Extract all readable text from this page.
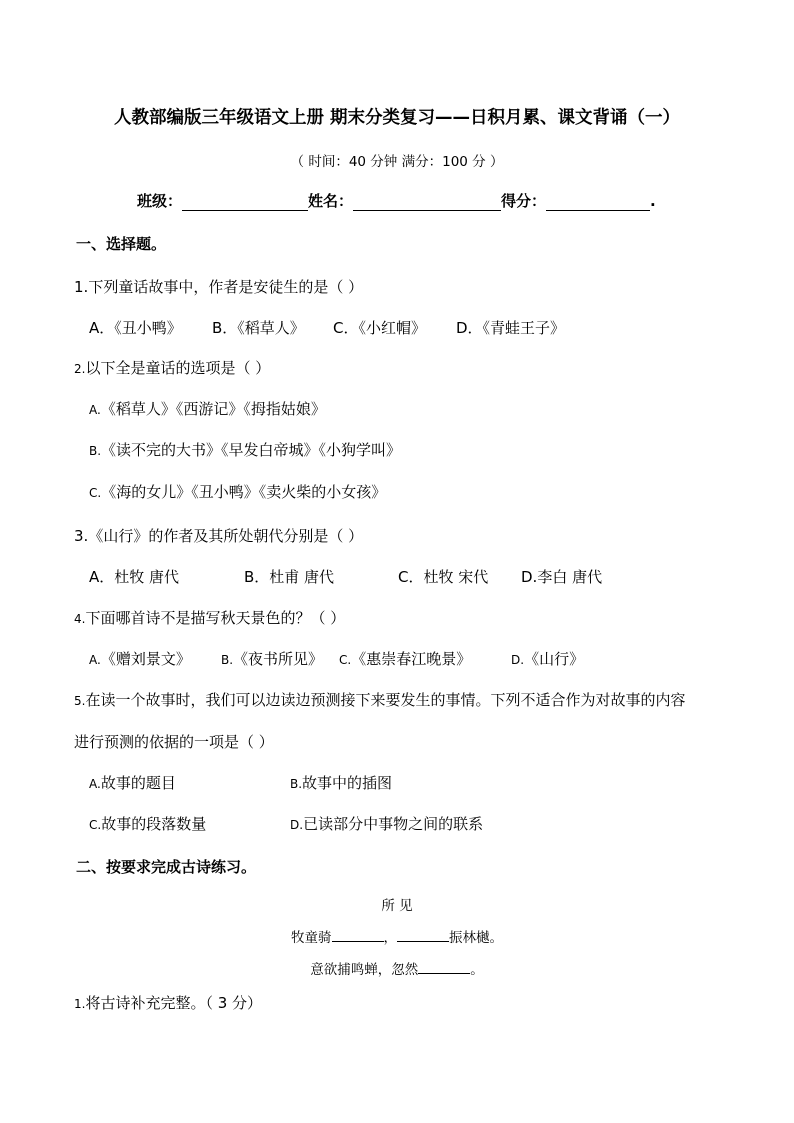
人教部编版三年级语文上册 期末分类复习——日积月累、课文背诵（一）
（ 时间：40 分钟 满分：100 分 ）
班级：	姓名：	得分：	.
一、选择题。
1.下列童话故事中，作者是安徒生的是（ ）
A．《丑小鸭》 B．《稻草人》 C．《小红帽》 D．《青蛙王子》
2.以下全是童话的选项是（ ）
A.《稻草人》《西游记》《拇指姑娘》
B.《读不完的大书》《早发白帝城》《小狗学叫》
C.《海的女儿》《丑小鸭》《卖火柴的小女孩》
3.《山行》的作者及其所处朝代分别是（ ）
A．杜牧 唐代	B．杜甫 唐代	C．杜牧 宋代 D.李白 唐代
4.下面哪首诗不是描写秋天景色的？（ ）
A.《赠刘景文》	B.《夜书所见》 C.《惠崇春江晚景》	D.《山行》
5.在读一个故事时，我们可以边读边预测接下来要发生的事情。下列不适合作为对故事的内容
进行预测的依据的一项是（ ）
A.故事的题目	B.故事中的插图
C.故事的段落数量	D.已读部分中事物之间的联系
二、按要求完成古诗练习。
所 见
牧童骑	，	振林樾。
意欲捕鸣蝉，忽然	。
1.将古诗补充完整。（ 3 分）
